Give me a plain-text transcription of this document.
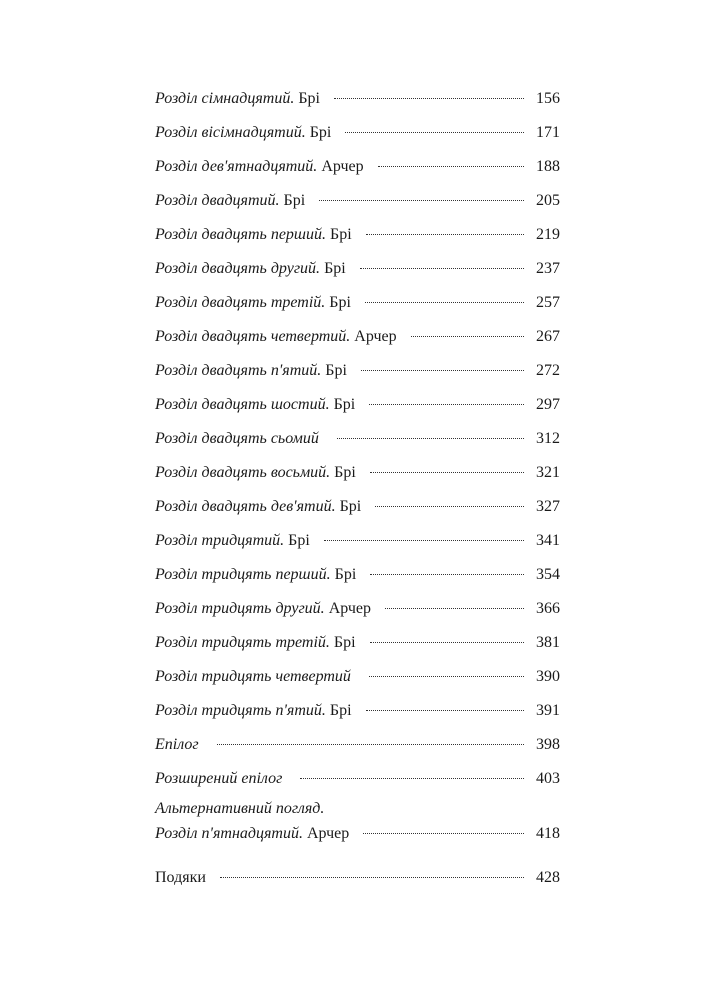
Розділ сімнадцятий. Брі	156
Розділ вісімнадцятий. Брі	171
Розділ дев'ятнадцятий. Арчер	188
Розділ двадцятий. Брі	205
Розділ двадцять перший. Брі	219
Розділ двадцять другий. Брі	237
Розділ двадцять третій. Брі	257
Розділ двадцять четвертий. Арчер	267
Розділ двадцять п'ятий. Брі	272
Розділ двадцять шостий. Брі	297
Розділ двадцять сьомий	312
Розділ двадцять восьмий. Брі	321
Розділ двадцять дев'ятий. Брі	327
Розділ тридцятий. Брі	341
Розділ тридцять перший. Брі	354
Розділ тридцять другий. Арчер	366
Розділ тридцять третій. Брі	381
Розділ тридцять четвертий	390
Розділ тридцять п'ятий. Брі	391
Епілог	398
Розширений епілог	403
Альтернативний погляд.
Розділ п'ятнадцятий. Арчер	418
Подяки	428
